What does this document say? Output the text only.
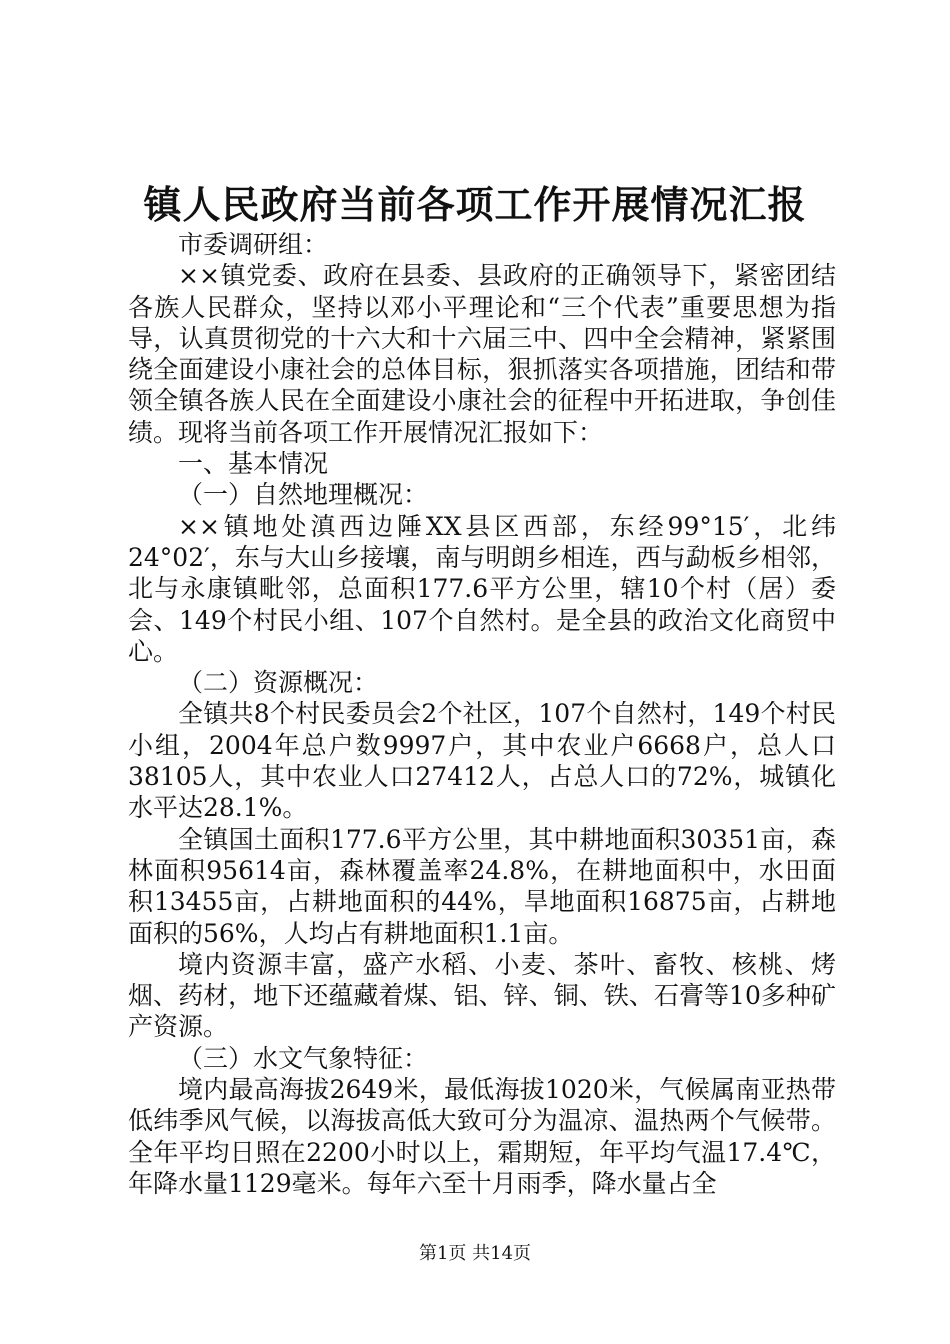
镇人民政府当前各项工作开展情况汇报

市委调研组：

××镇党委、政府在县委、县政府的正确领导下，紧密团结各族人民群众，坚持以邓小平理论和“三个代表”重要思想为指导，认真贯彻党的十六大和十六届三中、四中全会精神，紧紧围绕全面建设小康社会的总体目标，狠抓落实各项措施，团结和带领全镇各族人民在全面建设小康社会的征程中开拓进取，争创佳绩。现将当前各项工作开展情况汇报如下：

一、基本情况

（一）自然地理概况：

××镇地处滇西边陲XX县区西部，东经99°15′，北纬24°02′，东与大山乡接壤，南与明朗乡相连，西与勐板乡相邻，北与永康镇毗邻，总面积177.6平方公里，辖10个村（居）委会、149个村民小组、107个自然村。是全县的政治文化商贸中心。

（二）资源概况：

全镇共8个村民委员会2个社区，107个自然村，149个村民小组，2004年总户数9997户，其中农业户6668户，总人口38105人，其中农业人口27412人，占总人口的72%，城镇化水平达28.1%。

全镇国土面积177.6平方公里，其中耕地面积30351亩，森林面积95614亩，森林覆盖率24.8%，在耕地面积中，水田面积13455亩，占耕地面积的44%，旱地面积16875亩，占耕地面积的56%，人均占有耕地面积1.1亩。

境内资源丰富，盛产水稻、小麦、茶叶、畜牧、核桃、烤烟、药材，地下还蕴藏着煤、铝、锌、铜、铁、石膏等10多种矿产资源。

（三）水文气象特征：

境内最高海拔2649米，最低海拔1020米，气候属南亚热带低纬季风气候，以海拔高低大致可分为温凉、温热两个气候带。全年平均日照在2200小时以上，霜期短，年平均气温17.4℃，年降水量1129毫米。每年六至十月雨季，降水量占全

第1页 共14页
